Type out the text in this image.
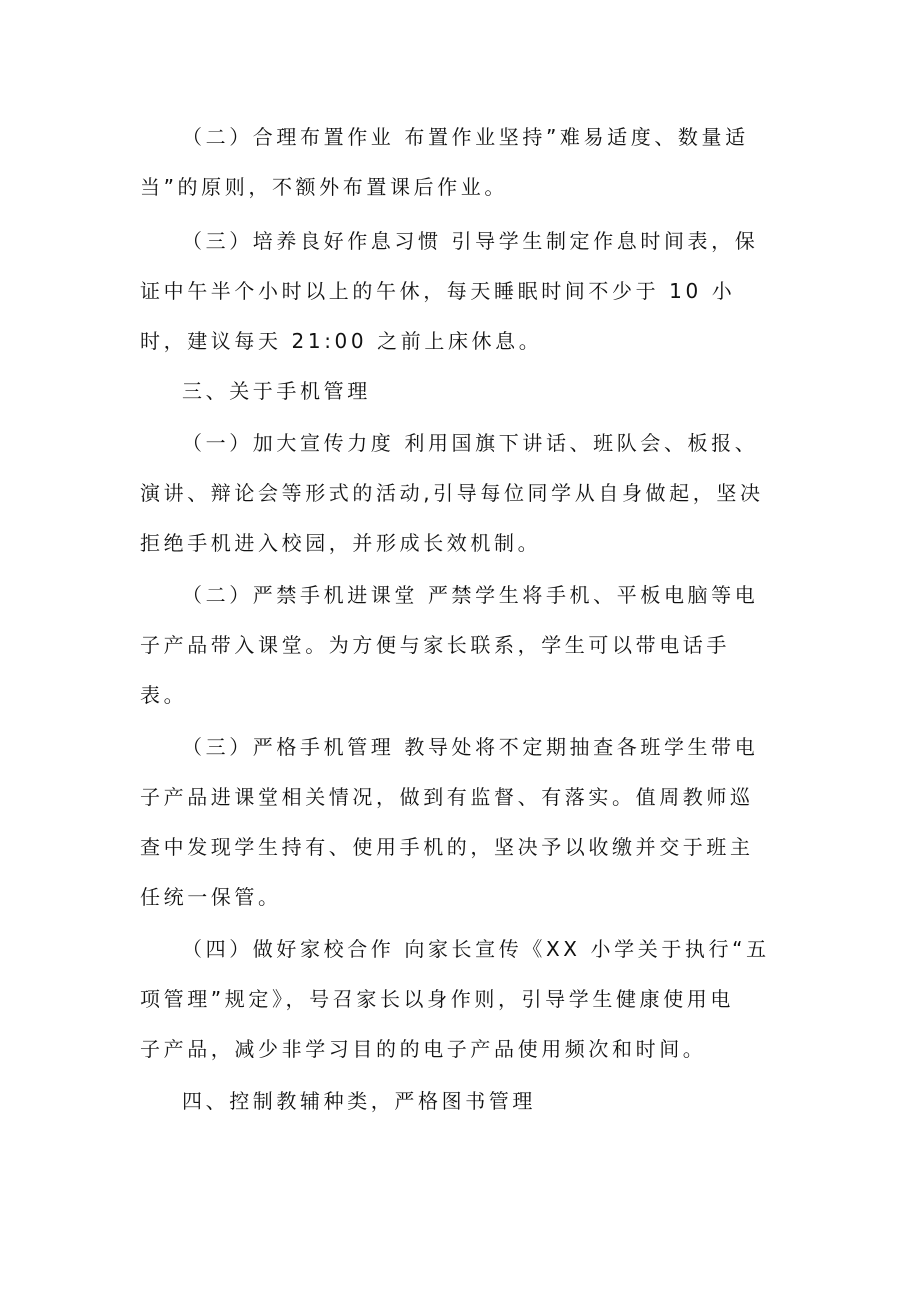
（二）合理布置作业 布置作业坚持”难易适度、数量适
当”的原则，不额外布置课后作业。
（三）培养良好作息习惯 引导学生制定作息时间表，保
证中午半个小时以上的午休，每天睡眠时间不少于 10 小
时，建议每天 21:00 之前上床休息。
三、关于手机管理
（一）加大宣传力度 利用国旗下讲话、班队会、板报、
演讲、辩论会等形式的活动,引导每位同学从自身做起，坚决
拒绝手机进入校园，并形成长效机制。
（二）严禁手机进课堂 严禁学生将手机、平板电脑等电
子产品带入课堂。为方便与家长联系，学生可以带电话手
表。
（三）严格手机管理 教导处将不定期抽查各班学生带电
子产品进课堂相关情况，做到有监督、有落实。值周教师巡
查中发现学生持有、使用手机的，坚决予以收缴并交于班主
任统一保管。
（四）做好家校合作 向家长宣传《XX 小学关于执行“五
项管理”规定》，号召家长以身作则，引导学生健康使用电
子产品，减少非学习目的的电子产品使用频次和时间。
四、控制教辅种类，严格图书管理
